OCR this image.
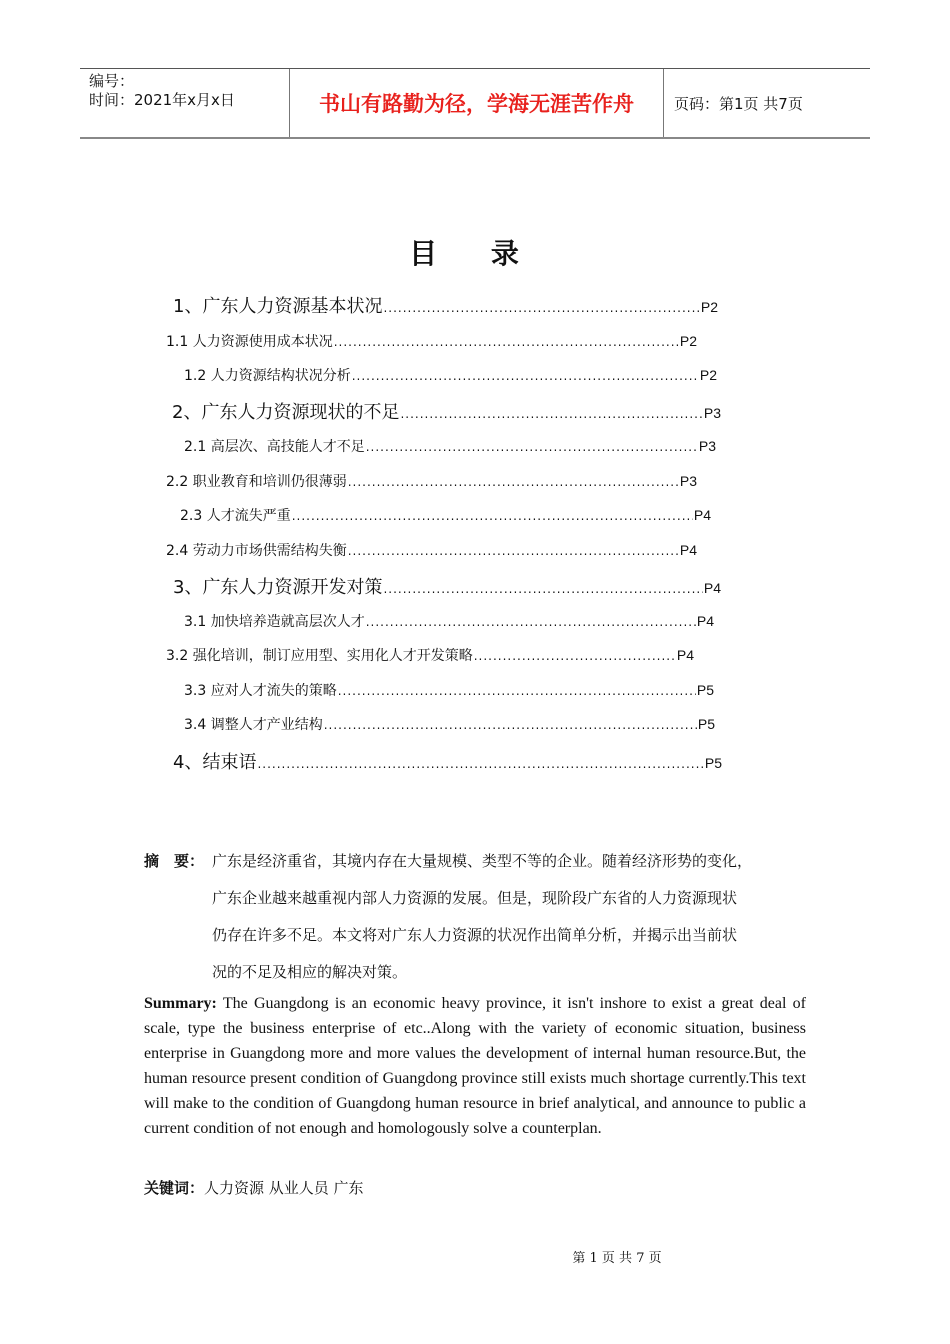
编号：
时间：2021年x月x日	书山有路勤为径，学海无涯苦作舟	页码：第1页 共7页
目 录
1、广东人力资源基本状况 .....	P2
1.1 人力资源使用成本状况 .....	P2
1.2 人力资源结构状况分析 .....	P2
2、广东人力资源现状的不足 .....	P3
2.1 高层次、高技能人才不足 .....	P3
2.2 职业教育和培训仍很薄弱 .....	P3
2.3 人才流失严重 .....	P4
2.4 劳动力市场供需结构失衡 .....	P4
3、广东人力资源开发对策 .....	P4
3.1 加快培养造就高层次人才 .....	P4
3.2 强化培训，制订应用型、实用化人才开发策略 .....	P4
3.3 应对人才流失的策略 .....	P5
3.4 调整人才产业结构 .....	P5
4、结束语 .....	P5
摘　要： 广东是经济重省，其境内存在大量规模、类型不等的企业。随着经济形势的变化，
广东企业越来越重视内部人力资源的发展。但是，现阶段广东省的人力资源现状
仍存在许多不足。本文将对广东人力资源的状况作出简单分析，并揭示出当前状
况的不足及相应的解决对策。
Summary: The Guangdong is an economic heavy province, it isn't inshore to exist a great deal of scale, type the business enterprise of etc..Along with the variety of economic situation, business enterprise in Guangdong more and more values the development of internal human resource.But, the human resource present condition of Guangdong province still exists much shortage currently.This text will make to the condition of Guangdong human resource in brief analytical, and announce to public a current condition of not enough and homologously solve a counterplan.
关键词：人力资源 从业人员 广东
第 1 页 共 7 页
